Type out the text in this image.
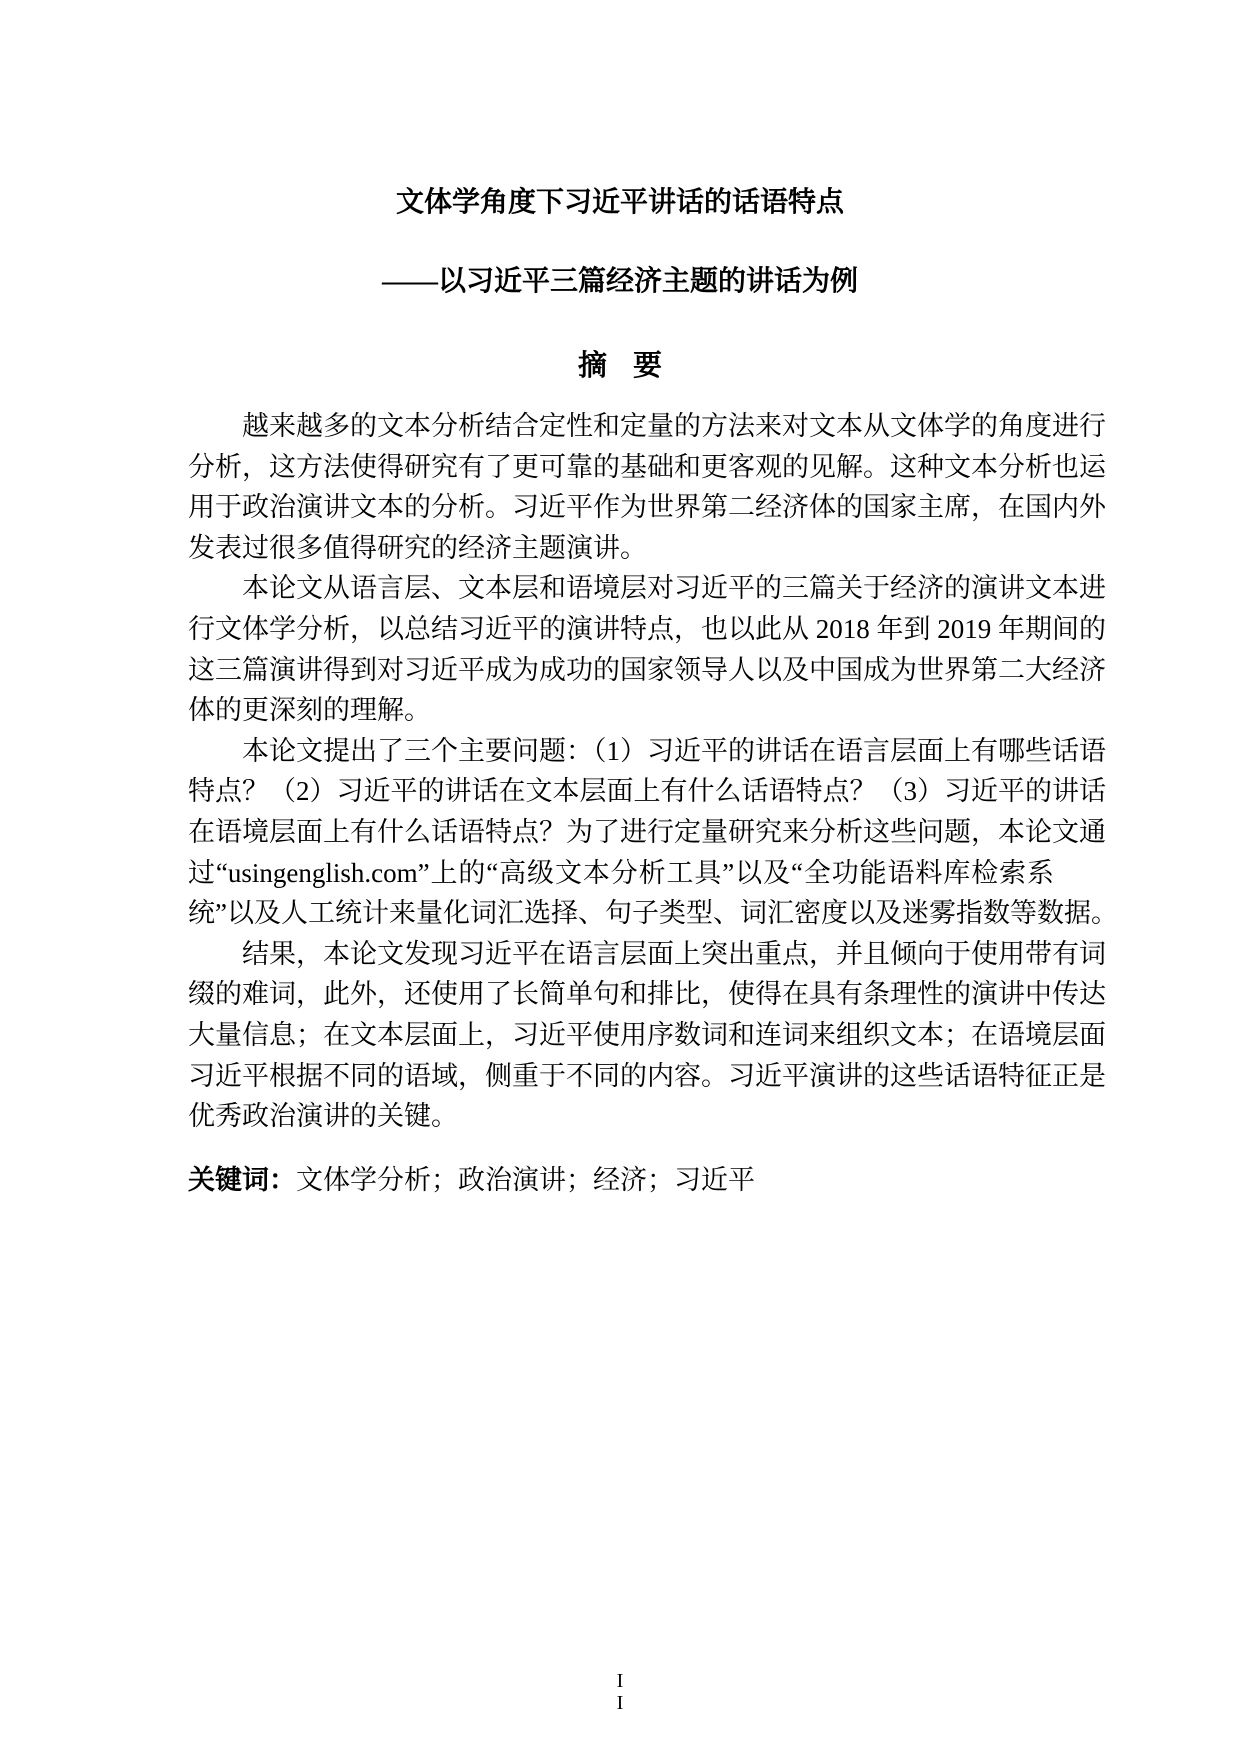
文体学角度下习近平讲话的话语特点
——以习近平三篇经济主题的讲话为例
摘要
越来越多的文本分析结合定性和定量的方法来对文本从文体学的角度进行
分析，这方法使得研究有了更可靠的基础和更客观的见解。这种文本分析也运
用于政治演讲文本的分析。习近平作为世界第二经济体的国家主席，在国内外
发表过很多值得研究的经济主题演讲。
本论文从语言层、文本层和语境层对习近平的三篇关于经济的演讲文本进
行文体学分析，以总结习近平的演讲特点，也以此从 2018 年到 2019 年期间的
这三篇演讲得到对习近平成为成功的国家领导人以及中国成为世界第二大经济
体的更深刻的理解。
本论文提出了三个主要问题：（1）习近平的讲话在语言层面上有哪些话语
特点？（2）习近平的讲话在文本层面上有什么话语特点？（3）习近平的讲话
在语境层面上有什么话语特点？为了进行定量研究来分析这些问题，本论文通
过“usingenglish.com”上的“高级文本分析工具”以及“全功能语料库检索系
统”以及人工统计来量化词汇选择、句子类型、词汇密度以及迷雾指数等数据。
结果，本论文发现习近平在语言层面上突出重点，并且倾向于使用带有词
缀的难词，此外，还使用了长简单句和排比，使得在具有条理性的演讲中传达
大量信息；在文本层面上，习近平使用序数词和连词来组织文本；在语境层面
习近平根据不同的语域，侧重于不同的内容。习近平演讲的这些话语特征正是
优秀政治演讲的关键。
关键词：文体学分析；政治演讲；经济；习近平
I
I
